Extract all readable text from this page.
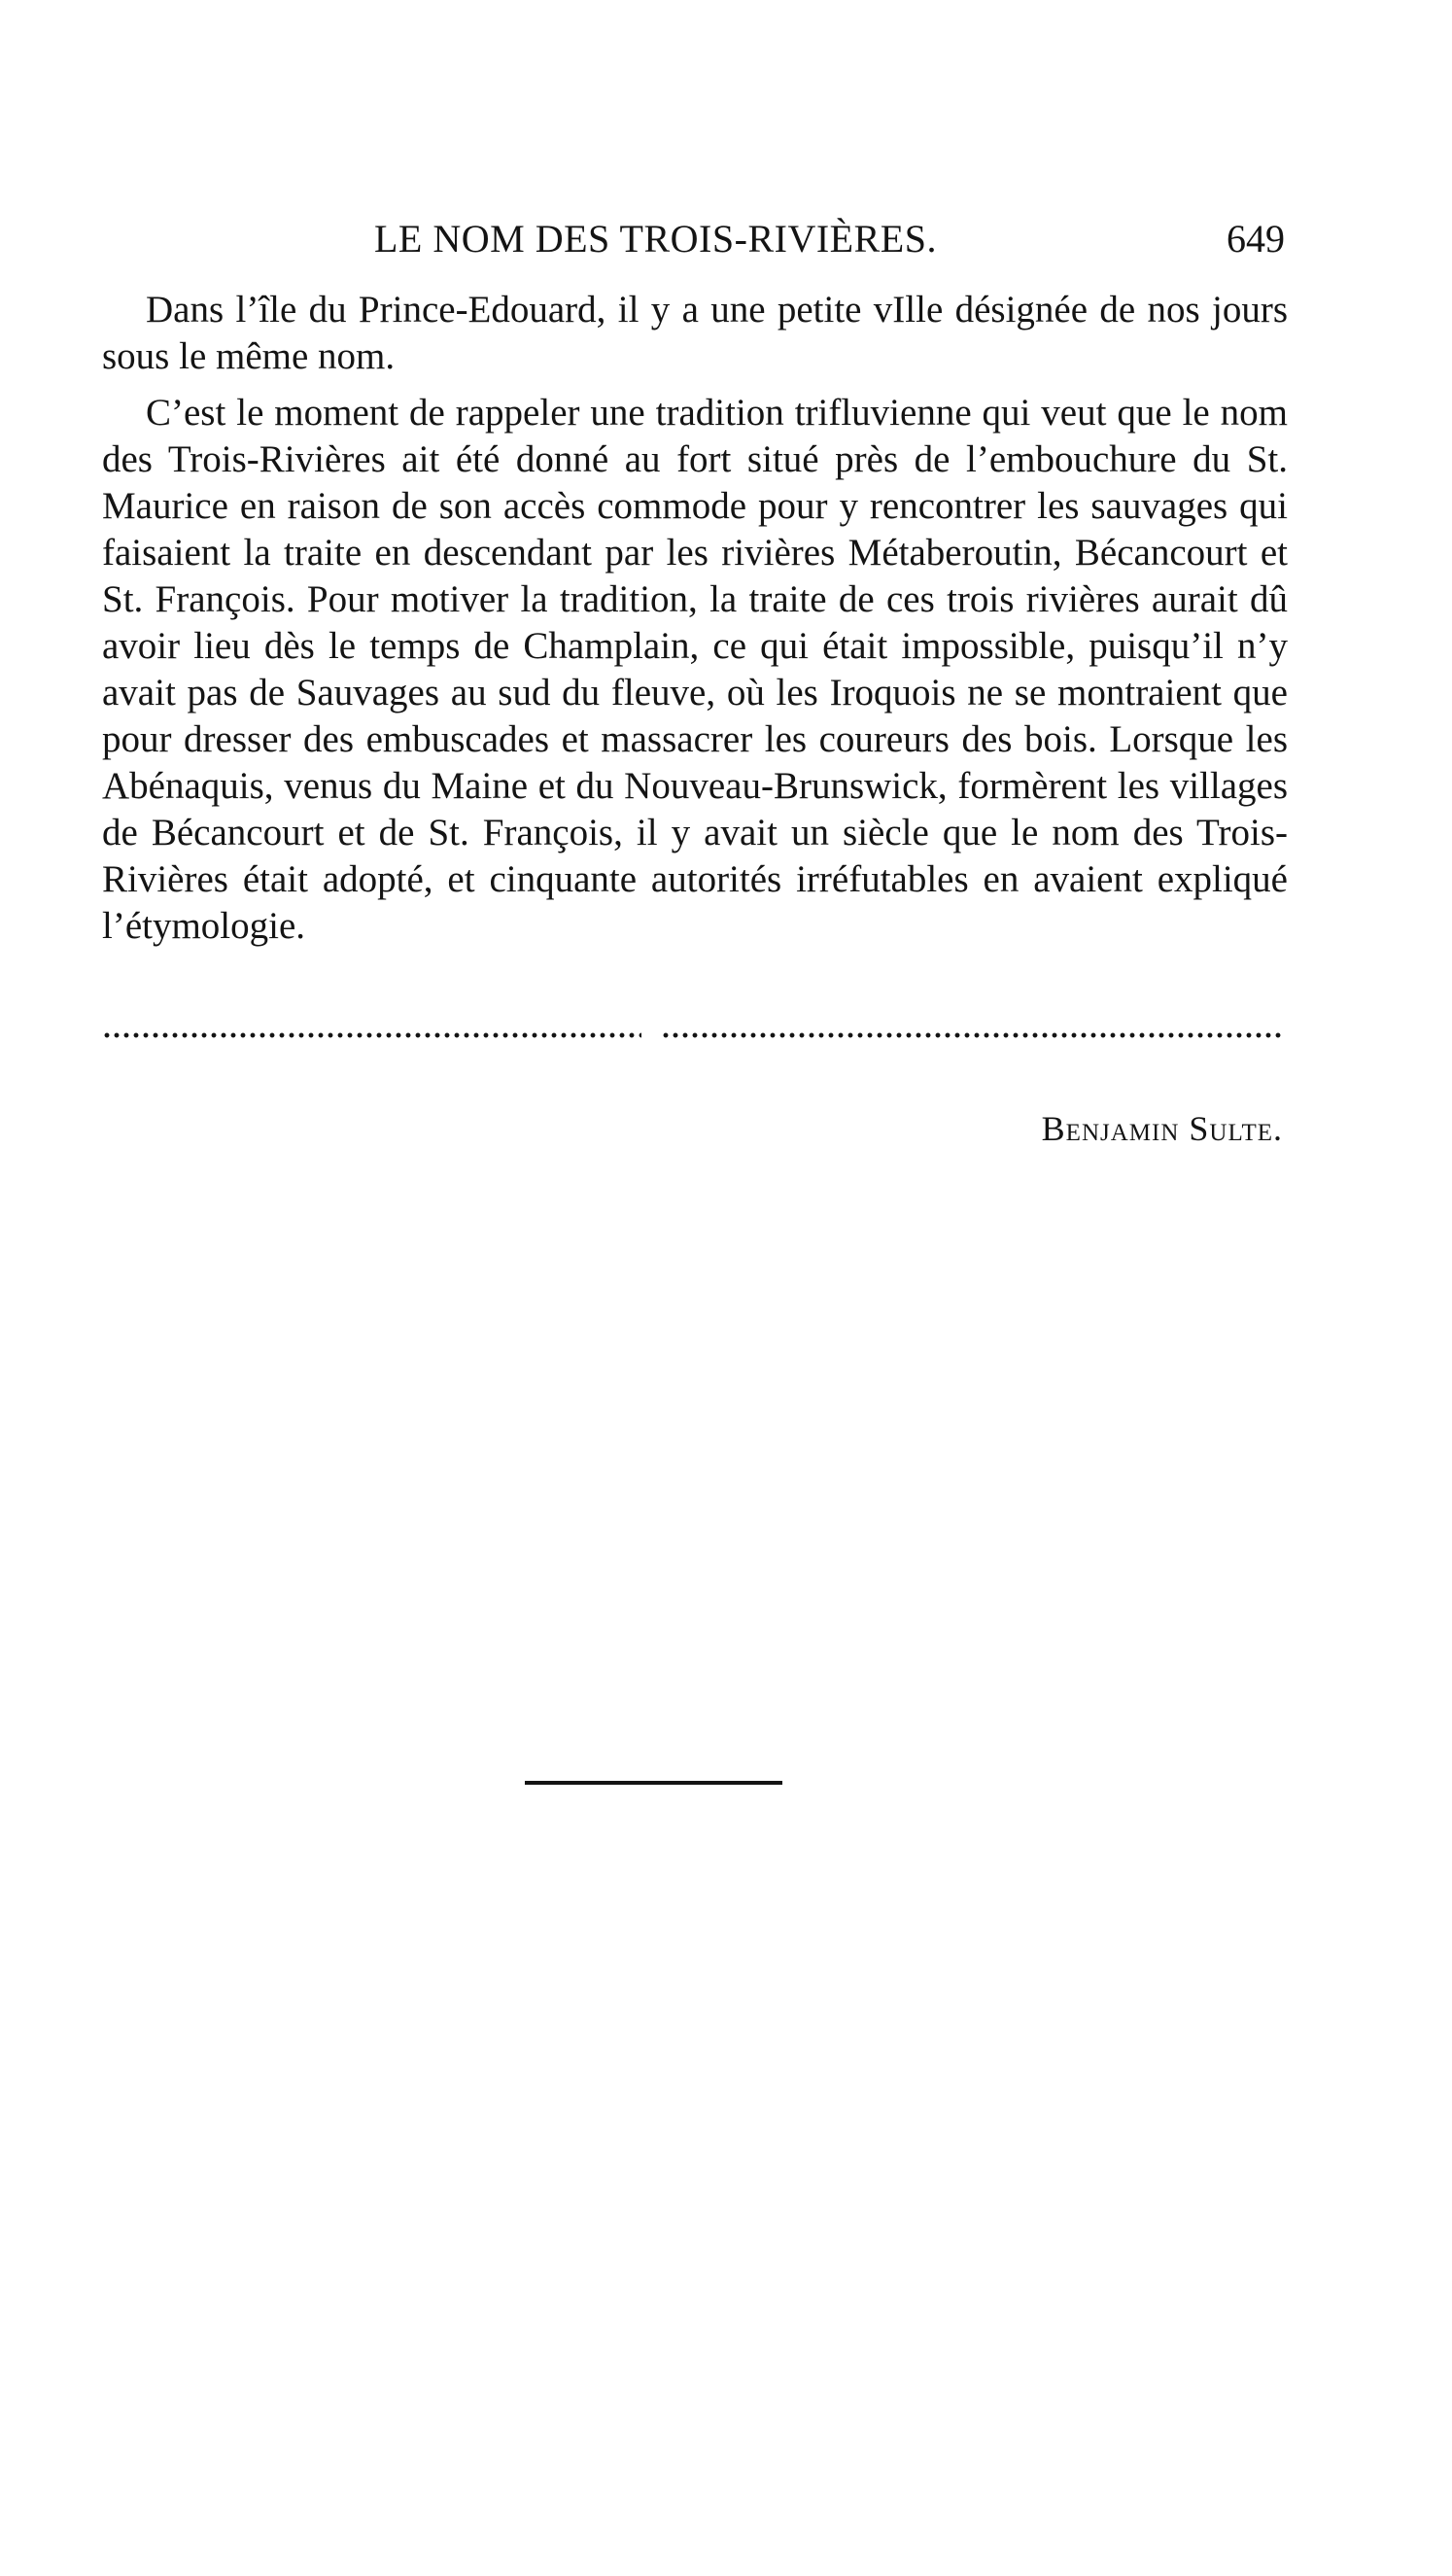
LE NOM DES TROIS-RIVIÈRES.	649

Dans l’île du Prince-Edouard, il y a une petite vIlle désignée de nos jours sous le même nom.

C’est le moment de rappeler une tradition trifluvienne qui veut que le nom des Trois-Rivières ait été donné au fort situé près de l’embouchure du St. Maurice en raison de son accès commode pour y rencontrer les sauvages qui faisaient la traite en descendant par les rivières Métaberoutin, Bécancourt et St. François. Pour motiver la tradition, la traite de ces trois rivières aurait dû avoir lieu dès le temps de Champlain, ce qui était impossible, puisqu’il n’y avait pas de Sauvages au sud du fleuve, où les Iroquois ne se montraient que pour dresser des embuscades et massacrer les coureurs des bois. Lorsque les Abénaquis, venus du Maine et du Nouveau-Brunswick, formèrent les villages de Bécancourt et de St. François, il y avait un siècle que le nom des Trois-Rivières était adopté, et cinquante autorités irréfutables en avaient expliqué l’étymologie.

Benjamin Sulte.
